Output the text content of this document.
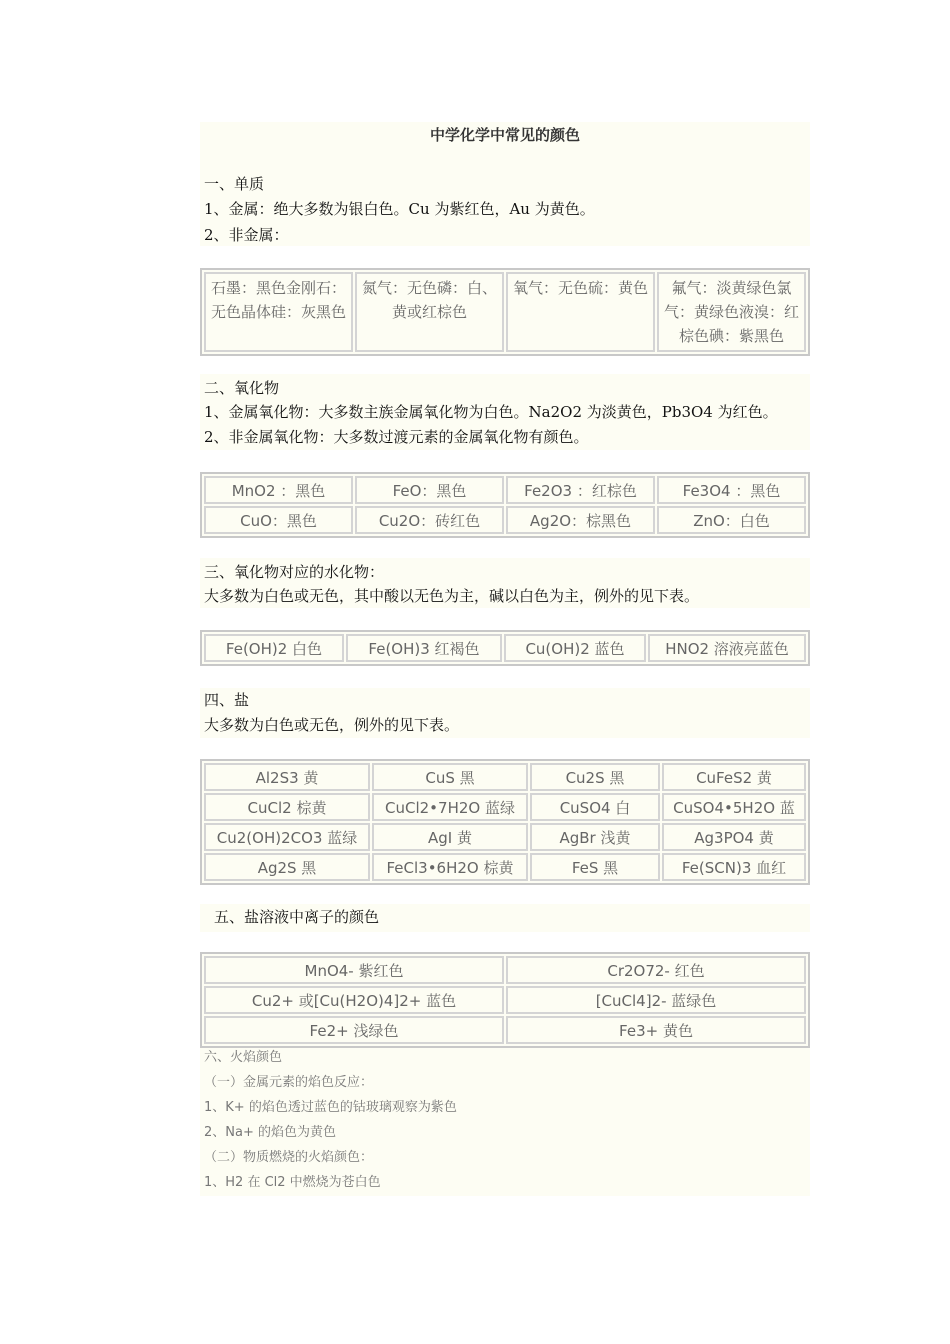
中学化学中常见的颜色
一、单质
1、金属：绝大多数为银白色。Cu 为紫红色，Au 为黄色。
2、非金属：
石墨：黑色金刚石：无色晶体硅：灰黑色	氮气：无色磷：白、黄或红棕色	氧气：无色硫：黄色	氟气：淡黄绿色氯气：黄绿色液溴：红棕色碘：紫黑色
二、氧化物
1、金属氧化物：大多数主族金属氧化物为白色。Na2O2 为淡黄色，Pb3O4 为红色。
2、非金属氧化物：大多数过渡元素的金属氧化物有颜色。
MnO2 ：黑色	FeO：黑色	Fe2O3 ：红棕色	Fe3O4 ：黑色
CuO：黑色	Cu2O：砖红色	Ag2O：棕黑色	ZnO：白色
三、氧化物对应的水化物：
大多数为白色或无色，其中酸以无色为主，碱以白色为主，例外的见下表。
Fe(OH)2 白色	Fe(OH)3 红褐色	Cu(OH)2 蓝色	HNO2 溶液亮蓝色
四、盐
大多数为白色或无色，例外的见下表。
Al2S3 黄	CuS 黑	Cu2S 黑	CuFeS2 黄
CuCl2 棕黄	CuCl2•7H2O 蓝绿	CuSO4 白	CuSO4•5H2O 蓝
Cu2(OH)2CO3 蓝绿	AgI 黄	AgBr 浅黄	Ag3PO4 黄
Ag2S 黑	FeCl3•6H2O 棕黄	FeS 黑	Fe(SCN)3 血红
五、盐溶液中离子的颜色
MnO4- 紫红色	Cr2O72- 红色
Cu2+ 或[Cu(H2O)4]2+ 蓝色	[CuCl4]2- 蓝绿色
Fe2+ 浅绿色	Fe3+ 黄色
六、火焰颜色
（一）金属元素的焰色反应：
1、K+ 的焰色透过蓝色的钴玻璃观察为紫色
2、Na+ 的焰色为黄色
（二）物质燃烧的火焰颜色：
1、H2 在 Cl2 中燃烧为苍白色
